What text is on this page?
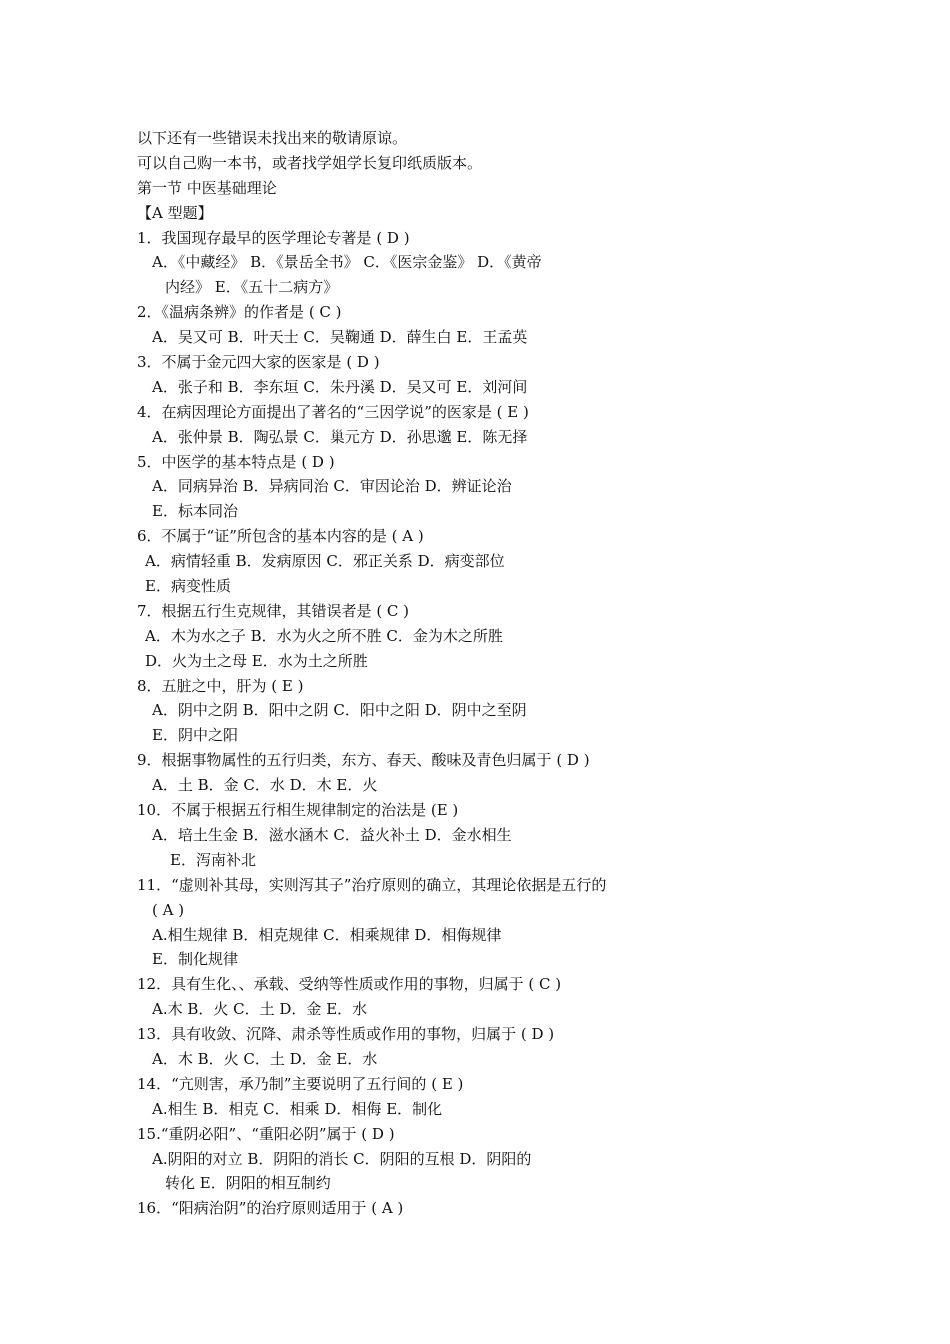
以下还有一些错误未找出来的敬请原谅。
可以自己购一本书，或者找学姐学长复印纸质版本。
第一节 中医基础理论
【A 型题】
1．我国现存最早的医学理论专著是 ( D )
A．《中藏经》 B．《景岳全书》 C．《医宗金鉴》 D．《黄帝
内经》 E．《五十二病方》
2．《温病条辨》的作者是 ( C )
A．吴又可 B．叶天士 C．吴鞠通 D．薛生白 E．王孟英
3．不属于金元四大家的医家是 ( D )
A．张子和 B．李东垣 C．朱丹溪 D．吴又可 E．刘河间
4．在病因理论方面提出了著名的“三因学说”的医家是 ( E )
A．张仲景 B．陶弘景 C．巢元方 D．孙思邈 E．陈无择
5．中医学的基本特点是 ( D )
A．同病异治 B．异病同治 C．审因论治 D．辨证论治
E．标本同治
6．不属于“证”所包含的基本内容的是 ( A )
A．病情轻重 B．发病原因 C．邪正关系 D．病变部位
E．病变性质
7．根据五行生克规律，其错误者是 ( C )
A．木为水之子 B．水为火之所不胜 C．金为木之所胜
D．火为土之母 E．水为土之所胜
8．五脏之中，肝为 ( E )
A．阴中之阴 B．阳中之阴 C．阳中之阳 D．阴中之至阴
E．阴中之阳
9．根据事物属性的五行归类，东方、春天、酸味及青色归属于 ( D )
A．土 B．金 C．水 D．木 E．火
10．不属于根据五行相生规律制定的治法是 (E )
A．培土生金 B．滋水涵木 C．益火补土 D．金水相生
E．泻南补北
11．“虚则补其母，实则泻其子”治疗原则的确立，其理论依据是五行的
( A )
A.相生规律 B．相克规律 C．相乘规律 D．相侮规律
E．制化规律
12．具有生化、、承载、受纳等性质或作用的事物，归属于 ( C )
A.木 B．火 C．土 D．金 E．水
13．具有收敛、沉降、肃杀等性质或作用的事物，归属于 ( D )
A．木 B．火 C．土 D．金 E．水
14．“亢则害，承乃制”主要说明了五行间的 ( E )
A.相生 B．相克 C．相乘 D．相侮 E．制化
15.“重阴必阳”、“重阳必阴”属于 ( D )
A.阴阳的对立 B．阴阳的消长 C．阴阳的互根 D．阴阳的
转化 E．阴阳的相互制约
16．“阳病治阴”的治疗原则适用于 ( A )
